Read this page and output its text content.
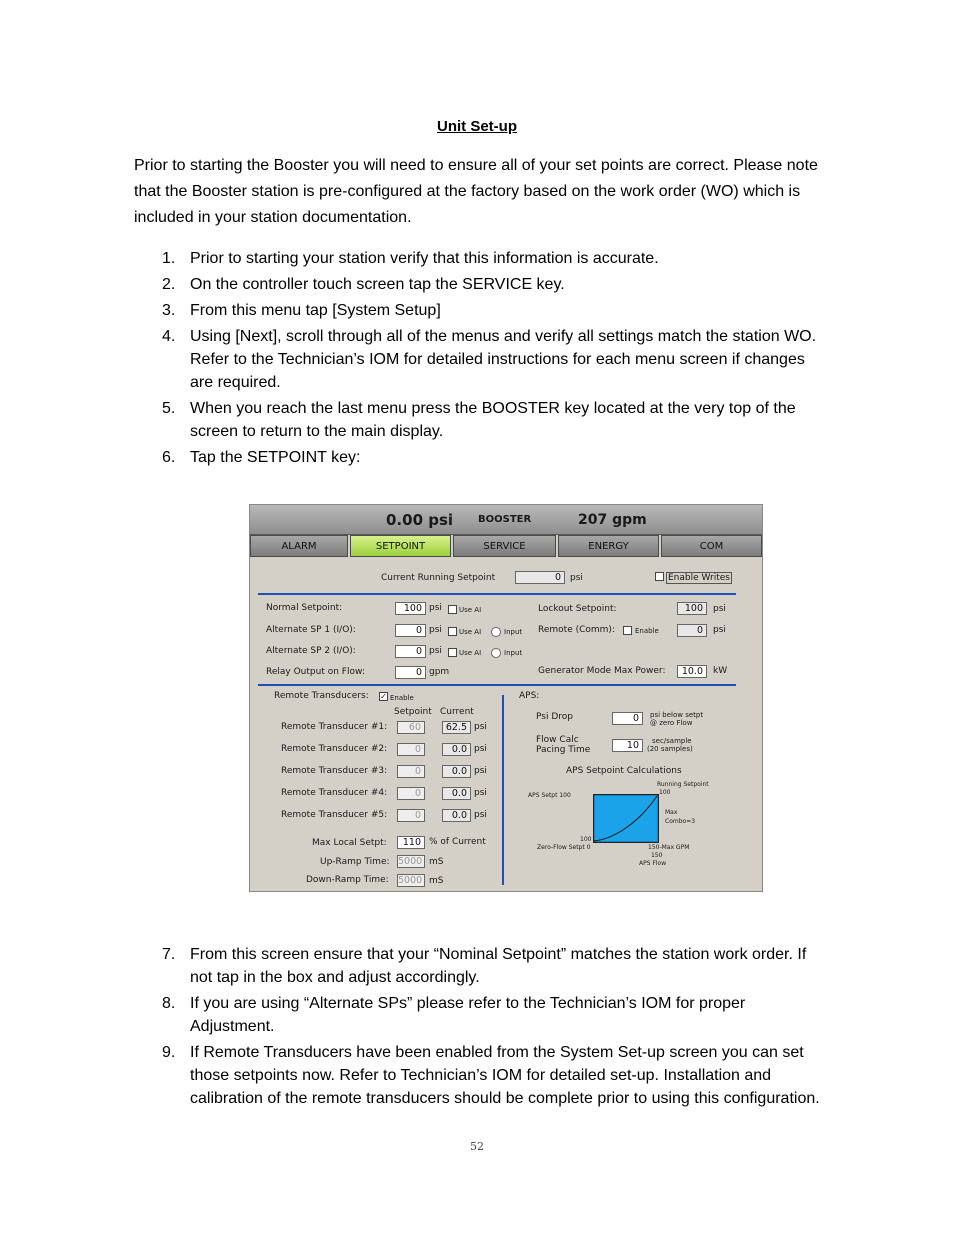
Unit Set-up
Prior to starting the Booster you will need to ensure all of your set points are correct. Please note that the Booster station is pre-configured at the factory based on the work order (WO) which is included in your station documentation.
1. Prior to starting your station verify that this information is accurate.
2. On the controller touch screen tap the SERVICE key.
3. From this menu tap [System Setup]
4. Using [Next], scroll through all of the menus and verify all settings match the station WO. Refer to the Technician’s IOM for detailed instructions for each menu screen if changes are required.
5. When you reach the last menu press the BOOSTER key located at the very top of the screen to return to the main display.
6. Tap the SETPOINT key:
0.00 psi BOOSTER	207 gpm
ALARM	SETPOINT	SERVICE	ENERGY	COM
Current Running Setpoint	0	psi	Enable Writes
Normal Setpoint:	100 psi Use AI
Alternate SP 1 (I/O):	0 psi Use AI	Input
Alternate SP 2 (I/O):	0 psi Use AI	Input
Relay Output on Flow:	0 gpm
Lockout Setpoint:	100	psi
Remote (Comm):	Enable	0	psi
Generator Mode Max Power:	10.0	kW
Remote Transducers: ✓ Enable
Setpoint Current
Remote Transducer #1:	60	62.5 psi
Remote Transducer #2:	0	0.0 psi
Remote Transducer #3:	0	0.0 psi
Remote Transducer #4:	0	0.0 psi
Remote Transducer #5:	0	0.0 psi
Max Local Setpt:	110 % of Current
Up-Ramp Time: 5000 mS
Down-Ramp Time: 5000 mS
APS:
Psi Drop	0	psi below setpt
@ zero Flow
Flow Calc
Pacing Time	10	sec/sample
(20 samples)
APS Setpoint Calculations
Running Setpoint
100
APS Setpt 100
Max
Combo=3
100
Zero-Flow Setpt 0	150-Max GPM
150
APS Flow
7. From this screen ensure that your “Nominal Setpoint” matches the station work order. If not tap in the box and adjust accordingly.
8. If you are using “Alternate SPs” please refer to the Technician’s IOM for proper Adjustment.
9. If Remote Transducers have been enabled from the System Set-up screen you can set those setpoints now. Refer to Technician’s IOM for detailed set-up. Installation and calibration of the remote transducers should be complete prior to using this configuration.
52
